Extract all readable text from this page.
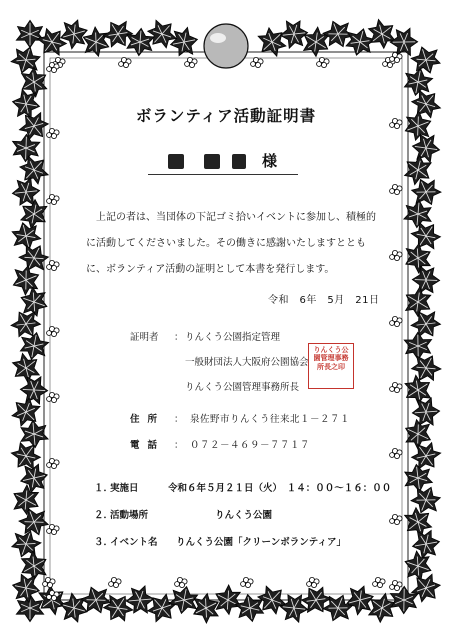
ボランティア活動証明書
様
上記の者は、当団体の下記ゴミ拾いイベントに参加し、積極的に活動してくださいました。その働きに感謝いたしますとともに、ボランティア活動の証明として本書を発行します。
令和　6年　5月　21日
証明者 ： りんくう公園指定管理
一般財団法人大阪府公園協会
りんくう公園管理事務所長
りんくう公
園管理事務
所長之印
住所 ： 泉佐野市りんくう往来北１－２７１
電話 ： ０７２－４６９－７７１７
１．
実施日	令和６年５月２１日（火）　１４：００～１６：００
２．
活動場所	りんくう公園
３．
イベント名 りんくう公園「クリーンボランティア」
